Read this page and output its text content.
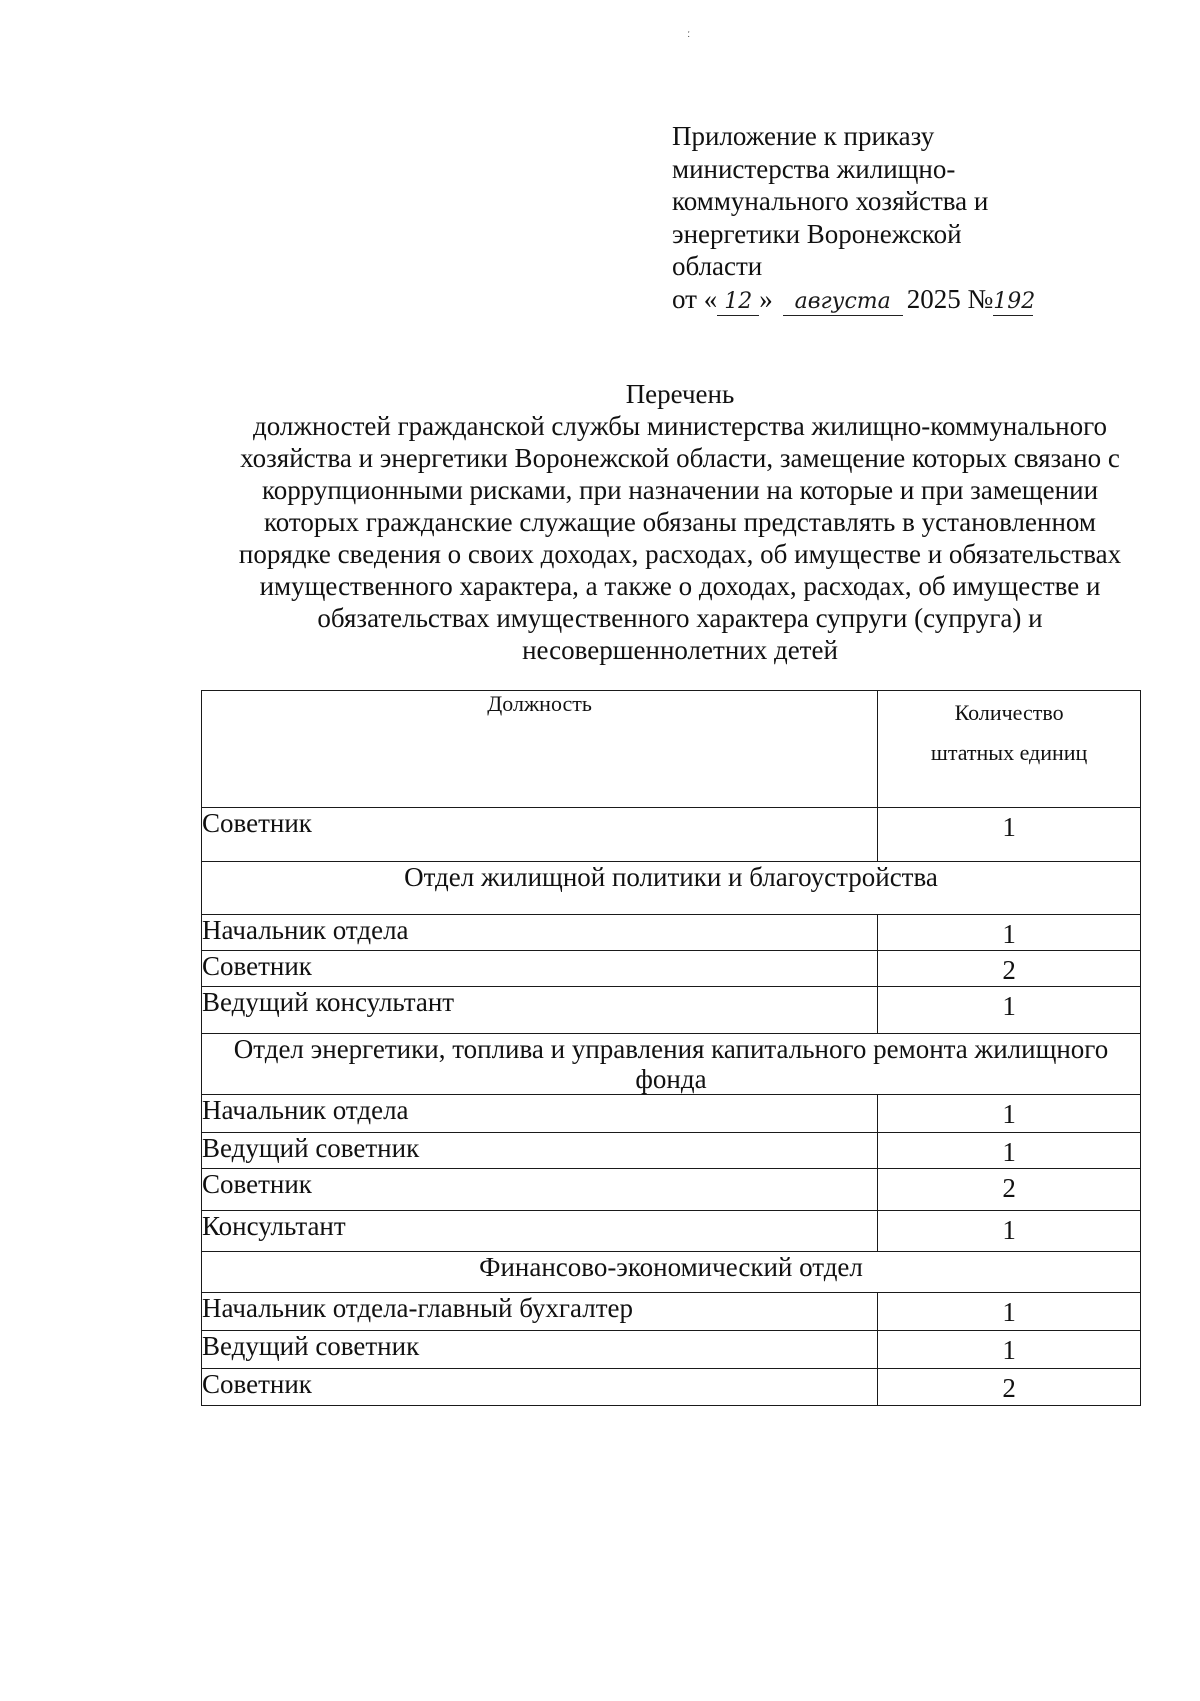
ː
Приложение к приказу
министерства жилищно-
коммунального хозяйства и
энергетики Воронежской
области
от « 12 » августа 2025 №192
Перечень
должностей гражданской службы министерства жилищно-коммунального
хозяйства и энергетики Воронежской области, замещение которых связано с
коррупционными рисками, при назначении на которые и при замещении
которых гражданские служащие обязаны представлять в установленном
порядке сведения о своих доходах, расходах, об имуществе и обязательствах
имущественного характера, а также о доходах, расходах, об имуществе и
обязательствах имущественного характера супруги (супруга) и
несовершеннолетних детей
Должность	Количество
штатных единиц
Советник	1
Отдел жилищной политики и благоустройства	
Начальник отдела	1
Советник	2
Ведущий консультант	1
Отдел энергетики, топлива и управления капитального ремонта жилищного фонда	
Начальник отдела	1
Ведущий советник	1
Советник	2
Консультант	1
Финансово-экономический отдел	
Начальник отдела-главный бухгалтер	1
Ведущий советник	1
Советник	2
